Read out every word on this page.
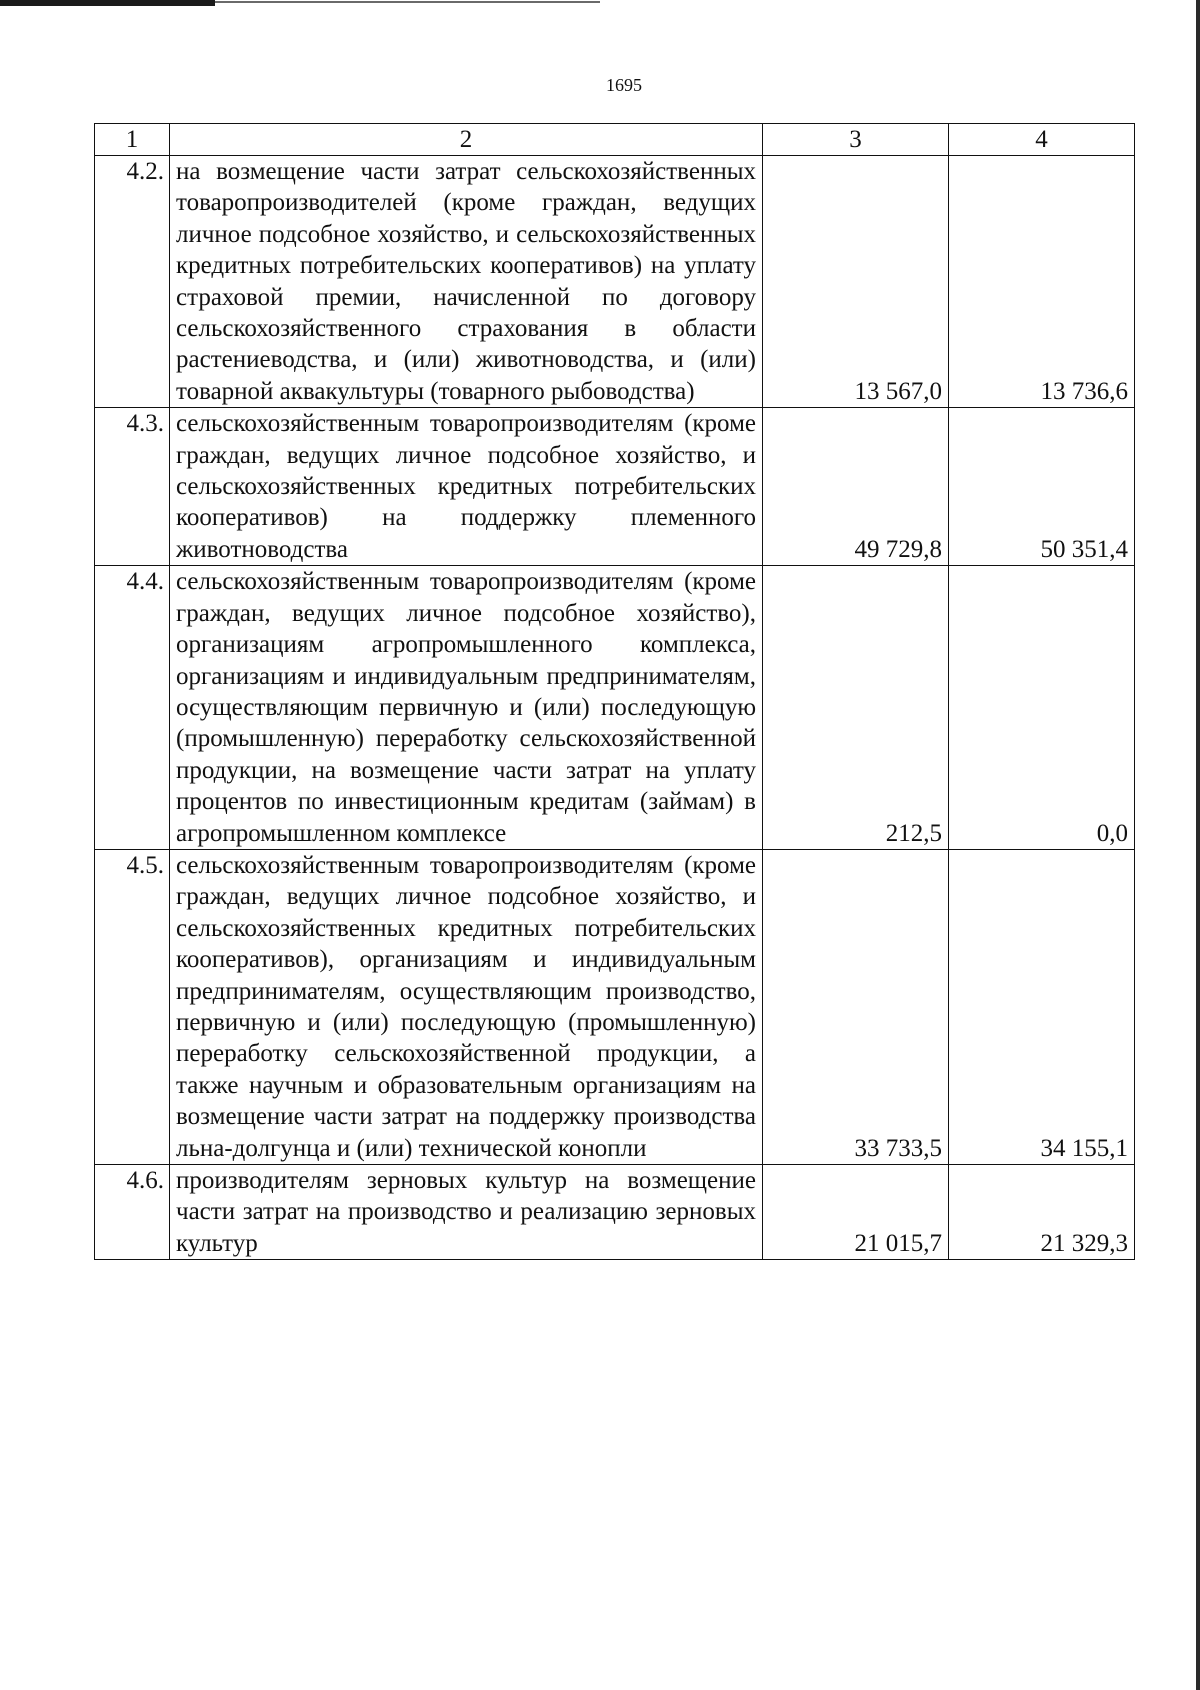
1695
1	2	3	4
4.2.	на возмещение части затрат сельскохозяйственных товаропроизводителей (кроме граждан, ведущих личное подсобное хозяйство, и сельскохозяйственных кредитных потребительских кооперативов) на уплату страховой премии, начисленной по договору сельскохозяйственного страхования в области растениеводства, и (или) животноводства, и (или) товарной аквакультуры (товарного рыбоводства)	13 567,0	13 736,6
4.3.	сельскохозяйственным товаропроизводителям (кроме граждан, ведущих личное подсобное хозяйство, и сельскохозяйственных кредитных потребительских кооперативов) на поддержку племенного животноводства	49 729,8	50 351,4
4.4.	сельскохозяйственным товаропроизводителям (кроме граждан, ведущих личное подсобное хозяйство), организациям агропромышленного комплекса, организациям и индивидуальным предпринимателям, осуществляющим первичную и (или) последующую (промышленную) переработку сельскохозяйственной продукции, на возмещение части затрат на уплату процентов по инвестиционным кредитам (займам) в агропромышленном комплексе	212,5	0,0
4.5.	сельскохозяйственным товаропроизводителям (кроме граждан, ведущих личное подсобное хозяйство, и сельскохозяйственных кредитных потребительских кооперативов), организациям и индивидуальным предпринимателям, осуществляющим производство, первичную и (или) последующую (промышленную) переработку сельскохозяйственной продукции, а также научным и образовательным организациям на возмещение части затрат на поддержку производства льна-долгунца и (или) технической конопли	33 733,5	34 155,1
4.6.	производителям зерновых культур на возмещение части затрат на производство и реализацию зерновых культур	21 015,7	21 329,3
